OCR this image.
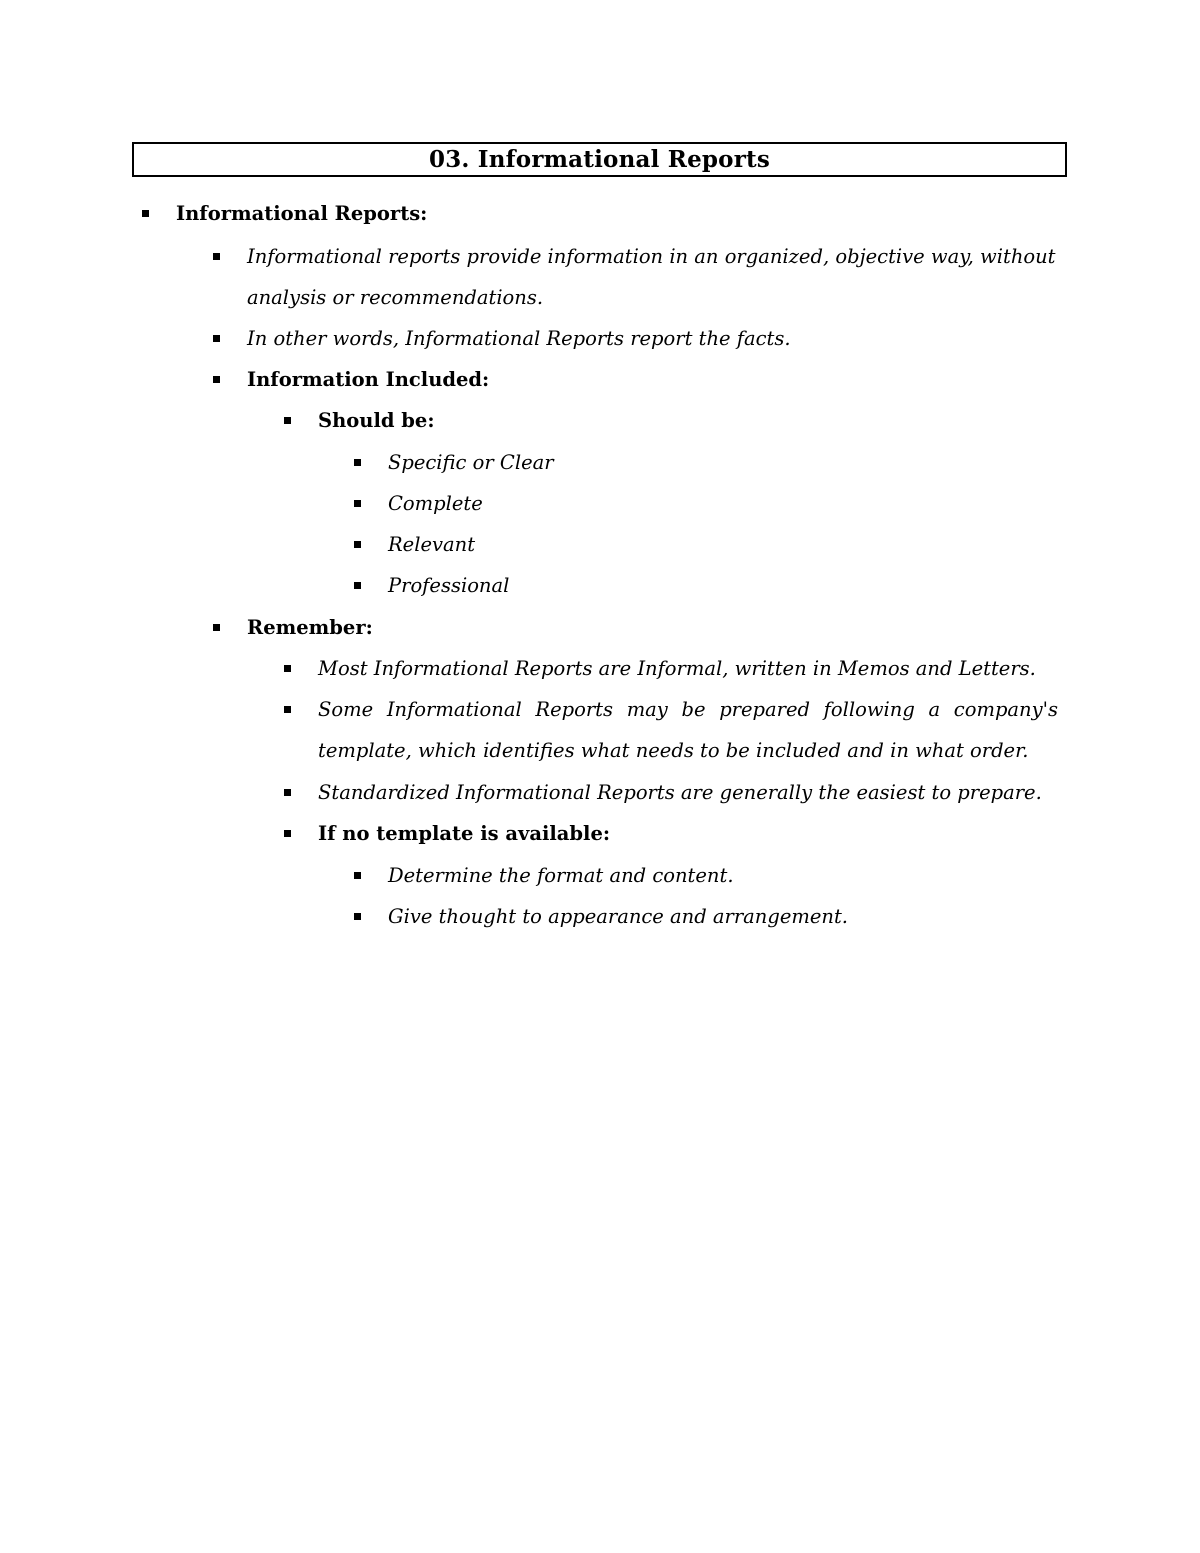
03. Informational Reports
Informational Reports:
Informational reports provide information in an organized, objective way, without
analysis or recommendations.
In other words, Informational Reports report the facts.
Information Included:
Should be:
Specific or Clear
Complete
Relevant
Professional
Remember:
Most Informational Reports are Informal, written in Memos and Letters.
Some Informational Reports may be prepared following a company's
template, which identifies what needs to be included and in what order.
Standardized Informational Reports are generally the easiest to prepare.
If no template is available:
Determine the format and content.
Give thought to appearance and arrangement.
